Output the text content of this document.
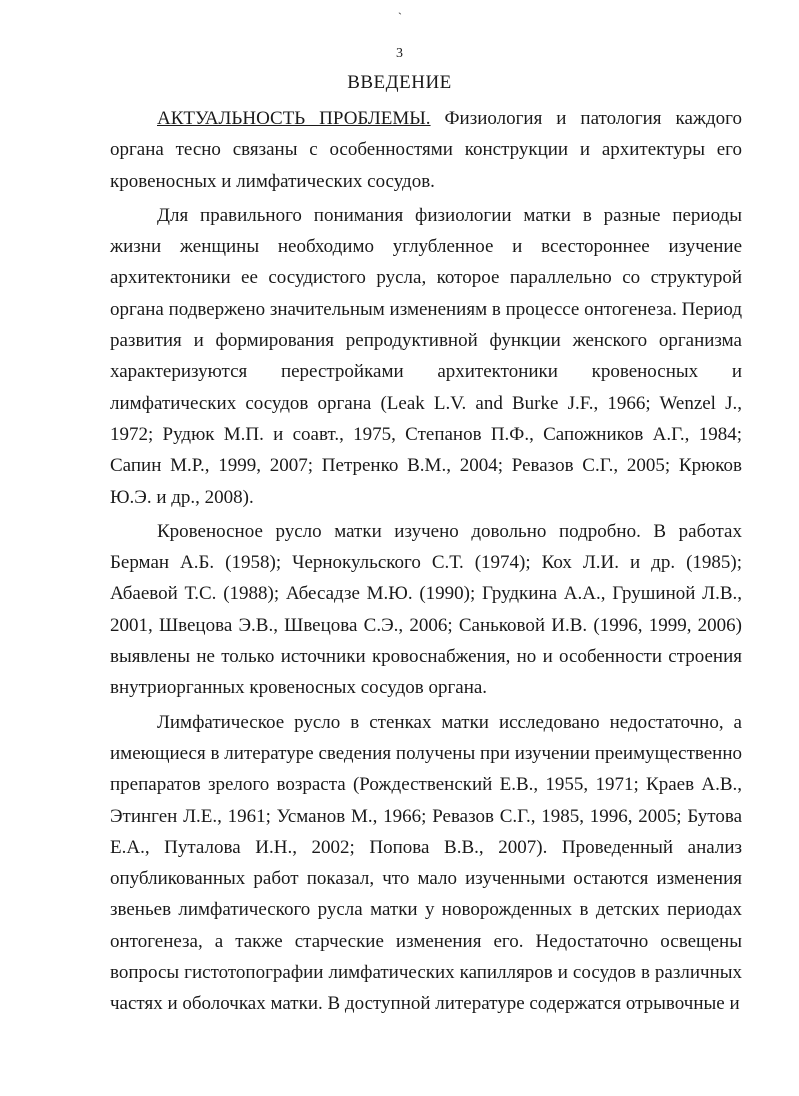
`
3
ВВЕДЕНИЕ

АКТУАЛЬНОСТЬ ПРОБЛЕМЫ. Физиология и патология каждого органа тесно связаны с особенностями конструкции и архитектуры его кровеносных и лимфатических сосудов.

Для правильного понимания физиологии матки в разные периоды жизни женщины необходимо углубленное и всестороннее изучение архитектоники ее сосудистого русла, которое параллельно со структурой органа подвержено значительным изменениям в процессе онтогенеза. Период развития и формирования репродуктивной функции женского организма характеризуются перестройками архитектоники кровеносных и лимфатических сосудов органа (Leak L.V. and Burke J.F., 1966; Wenzel J., 1972; Рудюк М.П. и соавт., 1975, Степанов П.Ф., Сапожников А.Г., 1984; Сапин М.Р., 1999, 2007; Петренко В.М., 2004; Ревазов С.Г., 2005; Крюков Ю.Э. и др., 2008).

Кровеносное русло матки изучено довольно подробно. В работах Берман А.Б. (1958); Чернокульского С.Т. (1974); Кох Л.И. и др. (1985); Абаевой Т.С. (1988); Абесадзе М.Ю. (1990); Грудкина А.А., Грушиной Л.В., 2001, Швецова Э.В., Швецова С.Э., 2006; Саньковой И.В. (1996, 1999, 2006) выявлены не только источники кровоснабжения, но и особенности строения внутриорганных кровеносных сосудов органа.

Лимфатическое русло в стенках матки исследовано недостаточно, а имеющиеся в литературе сведения получены при изучении преимущественно препаратов зрелого возраста (Рождественский Е.В., 1955, 1971; Краев А.В., Этинген Л.Е., 1961; Усманов М., 1966; Ревазов С.Г., 1985, 1996, 2005; Бутова Е.А., Путалова И.Н., 2002; Попова В.В., 2007). Проведенный анализ опубликованных работ показал, что мало изученными остаются изменения звеньев лимфатического русла матки у новорожденных в детских периодах онтогенеза, а также старческие изменения его. Недостаточно освещены вопросы гистотопографии лимфатических капилляров и сосудов в различных частях и оболочках матки. В доступной литературе содержатся отрывочные и
